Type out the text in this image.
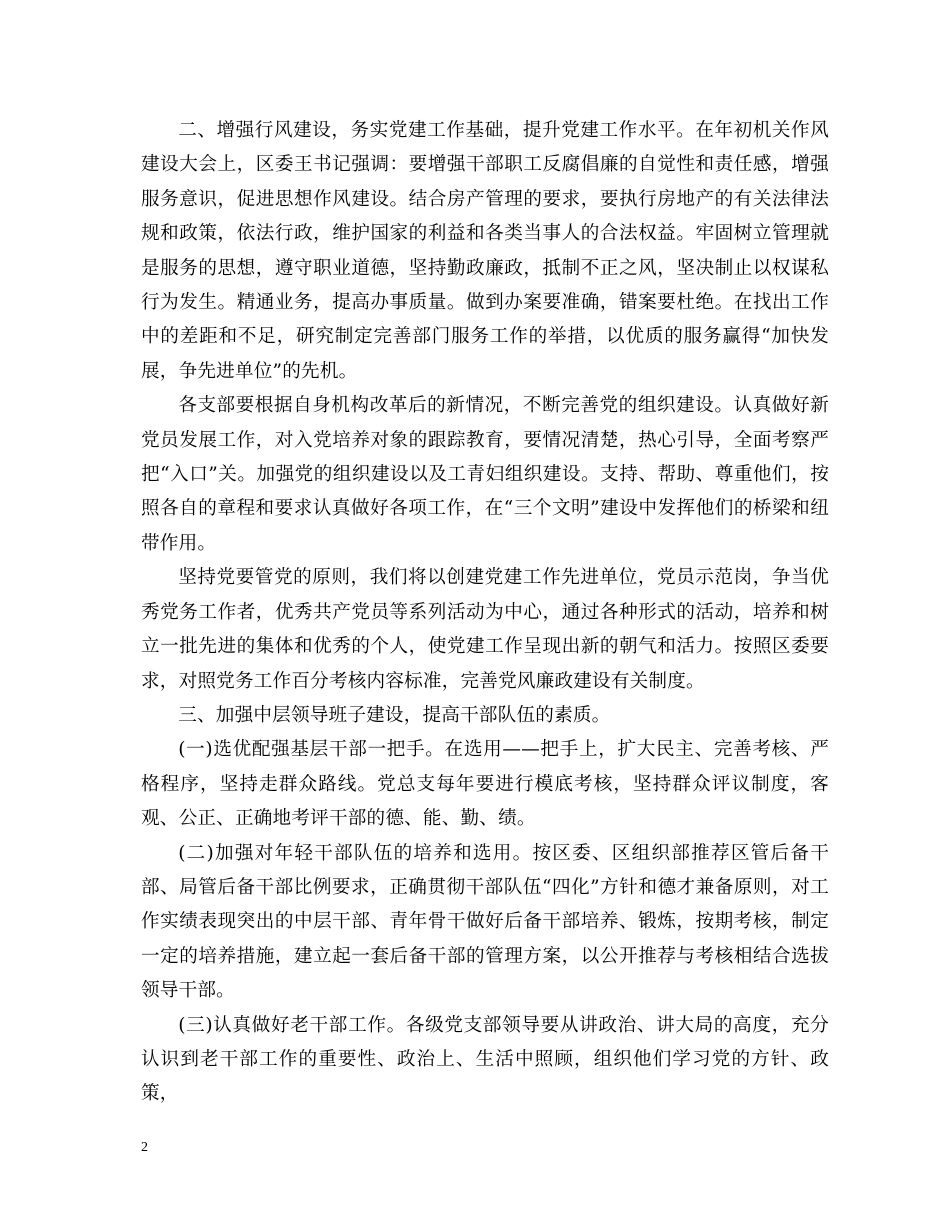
二、增强行风建设，务实党建工作基础，提升党建工作水平。在年初机关作风建设大会上，区委王书记强调：要增强干部职工反腐倡廉的自觉性和责任感，增强服务意识，促进思想作风建设。结合房产管理的要求，要执行房地产的有关法律法规和政策，依法行政，维护国家的利益和各类当事人的合法权益。牢固树立管理就是服务的思想，遵守职业道德，坚持勤政廉政，抵制不正之风，坚决制止以权谋私行为发生。精通业务，提高办事质量。做到办案要准确，错案要杜绝。在找出工作中的差距和不足，研究制定完善部门服务工作的举措，以优质的服务赢得“加快发展，争先进单位”的先机。

各支部要根据自身机构改革后的新情况，不断完善党的组织建设。认真做好新党员发展工作，对入党培养对象的跟踪教育，要情况清楚，热心引导，全面考察严把“入口”关。加强党的组织建设以及工青妇组织建设。支持、帮助、尊重他们，按照各自的章程和要求认真做好各项工作，在“三个文明”建设中发挥他们的桥梁和纽带作用。

坚持党要管党的原则，我们将以创建党建工作先进单位，党员示范岗，争当优秀党务工作者，优秀共产党员等系列活动为中心，通过各种形式的活动，培养和树立一批先进的集体和优秀的个人，使党建工作呈现出新的朝气和活力。按照区委要求，对照党务工作百分考核内容标准，完善党风廉政建设有关制度。

三、加强中层领导班子建设，提高干部队伍的素质。

(一)选优配强基层干部一把手。在选用——把手上，扩大民主、完善考核、严格程序，坚持走群众路线。党总支每年要进行模底考核，坚持群众评议制度，客观、公正、正确地考评干部的德、能、勤、绩。

(二)加强对年轻干部队伍的培养和选用。按区委、区组织部推荐区管后备干部、局管后备干部比例要求，正确贯彻干部队伍“四化”方针和德才兼备原则，对工作实绩表现突出的中层干部、青年骨干做好后备干部培养、锻炼，按期考核，制定一定的培养措施，建立起一套后备干部的管理方案，以公开推荐与考核相结合选拔领导干部。

(三)认真做好老干部工作。各级党支部领导要从讲政治、讲大局的高度，充分认识到老干部工作的重要性、政治上、生活中照顾，组织他们学习党的方针、政策，

2
